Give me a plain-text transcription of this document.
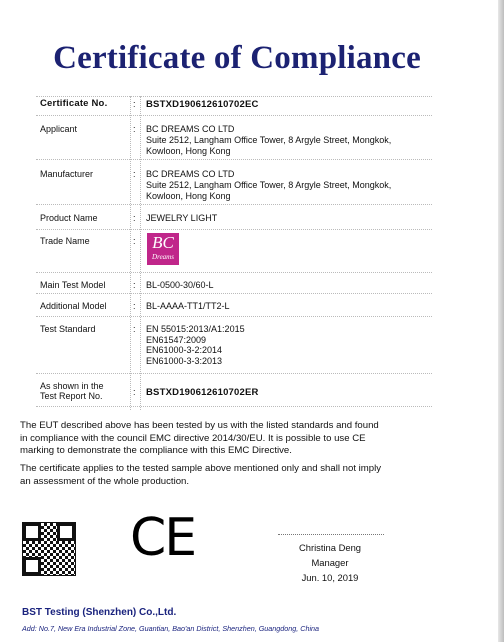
Certificate of Compliance
Certificate No.	: BSTXD190612610702EC
Applicant	: BC DREAMS CO LTD
Suite 2512, Langham Office Tower, 8 Argyle Street, Mongkok,
Kowloon, Hong Kong
Manufacturer	: BC DREAMS CO LTD
Suite 2512, Langham Office Tower, 8 Argyle Street, Mongkok,
Kowloon, Hong Kong
Product Name	: JEWELRY LIGHT
Trade Name	: BC
Dreams
Main Test Model	: BL-0500-30/60-L
Additional Model	: BL-AAAA-TT1/TT2-L
Test Standard	: EN 55015:2013/A1:2015
EN61547:2009
EN61000-3-2:2014
EN61000-3-3:2013
As shown in the
Test Report No.	: BSTXD190612610702ER
The EUT described above has been tested by us with the listed standards and found
in compliance with the council EMC directive 2014/30/EU. It is possible to use CE
marking to demonstrate the compliance with this EMC Directive.
The certificate applies to the tested sample above mentioned only and shall not imply
an assessment of the whole production.
CE	Christina Deng
Manager
Jun. 10, 2019
BST Testing (Shenzhen) Co.,Ltd.
Add: No.7, New Era Industrial Zone, Guantian, Bao'an District, Shenzhen, Guangdong, China
